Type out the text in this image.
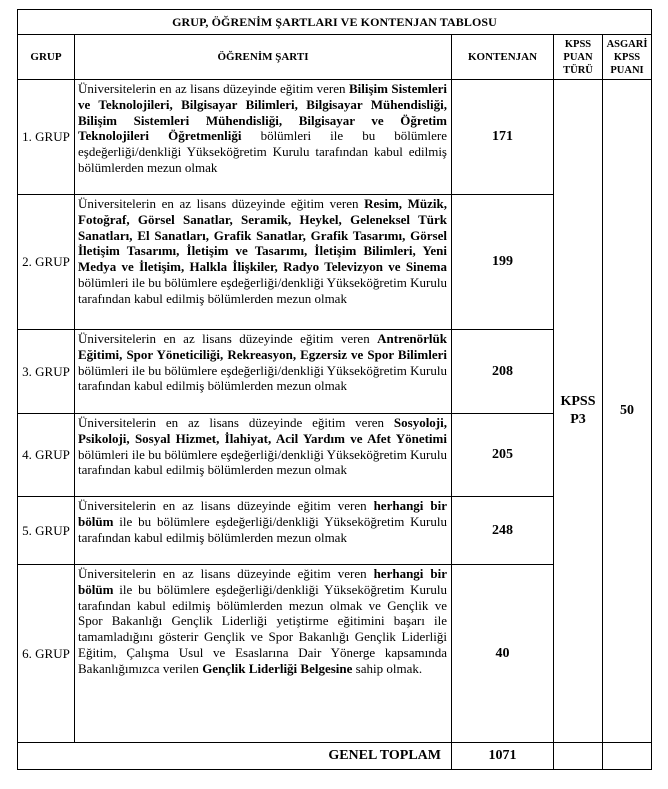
GRUP, ÖĞRENİM ŞARTLARI VE KONTENJAN TABLOSU				
GRUP	ÖĞRENİM ŞARTI	KONTENJAN	KPSS PUAN TÜRÜ	ASGARİ KPSS PUANI
1. GRUP	Üniversitelerin en az lisans düzeyinde eğitim veren Bilişim Sistemleri ve Teknolojileri, Bilgisayar Bilimleri, Bilgisayar Mühendisliği, Bilişim Sistemleri Mühendisliği, Bilgisayar ve Öğretim Teknolojileri Öğretmenliği bölümleri ile bu bölümlere eşdeğerliği/denkliği Yükseköğretim Kurulu tarafından kabul edilmiş bölümlerden mezun olmak	171	KPSS P3	50
2. GRUP	Üniversitelerin en az lisans düzeyinde eğitim veren Resim, Müzik, Fotoğraf, Görsel Sanatlar, Seramik, Heykel, Geleneksel Türk Sanatları, El Sanatları, Grafik Sanatlar, Grafik Tasarımı, Görsel İletişim Tasarımı, İletişim ve Tasarımı, İletişim Bilimleri, Yeni Medya ve İletişim, Halkla İlişkiler, Radyo Televizyon ve Sinema bölümleri ile bu bölümlere eşdeğerliği/denkliği Yükseköğretim Kurulu tarafından kabul edilmiş bölümlerden mezun olmak	199		
3. GRUP	Üniversitelerin en az lisans düzeyinde eğitim veren Antrenörlük Eğitimi, Spor Yöneticiliği, Rekreasyon, Egzersiz ve Spor Bilimleri bölümleri ile bu bölümlere eşdeğerliği/denkliği Yükseköğretim Kurulu tarafından kabul edilmiş bölümlerden mezun olmak	208		
4. GRUP	Üniversitelerin en az lisans düzeyinde eğitim veren Sosyoloji, Psikoloji, Sosyal Hizmet, İlahiyat, Acil Yardım ve Afet Yönetimi bölümleri ile bu bölümlere eşdeğerliği/denkliği Yükseköğretim Kurulu tarafından kabul edilmiş bölümlerden mezun olmak	205		
5. GRUP	Üniversitelerin en az lisans düzeyinde eğitim veren herhangi bir bölüm ile bu bölümlere eşdeğerliği/denkliği Yükseköğretim Kurulu tarafından kabul edilmiş bölümlerden mezun olmak	248		
6. GRUP	Üniversitelerin en az lisans düzeyinde eğitim veren herhangi bir bölüm ile bu bölümlere eşdeğerliği/denkliği Yükseköğretim Kurulu tarafından kabul edilmiş bölümlerden mezun olmak ve Gençlik ve Spor Bakanlığı Gençlik Liderliği yetiştirme eğitimini başarı ile tamamladığını gösterir Gençlik ve Spor Bakanlığı Gençlik Liderliği Eğitim, Çalışma Usul ve Esaslarına Dair Yönerge kapsamında Bakanlığımızca verilen Gençlik Liderliği Belgesine sahip olmak.	40		
GENEL TOPLAM		1071		
